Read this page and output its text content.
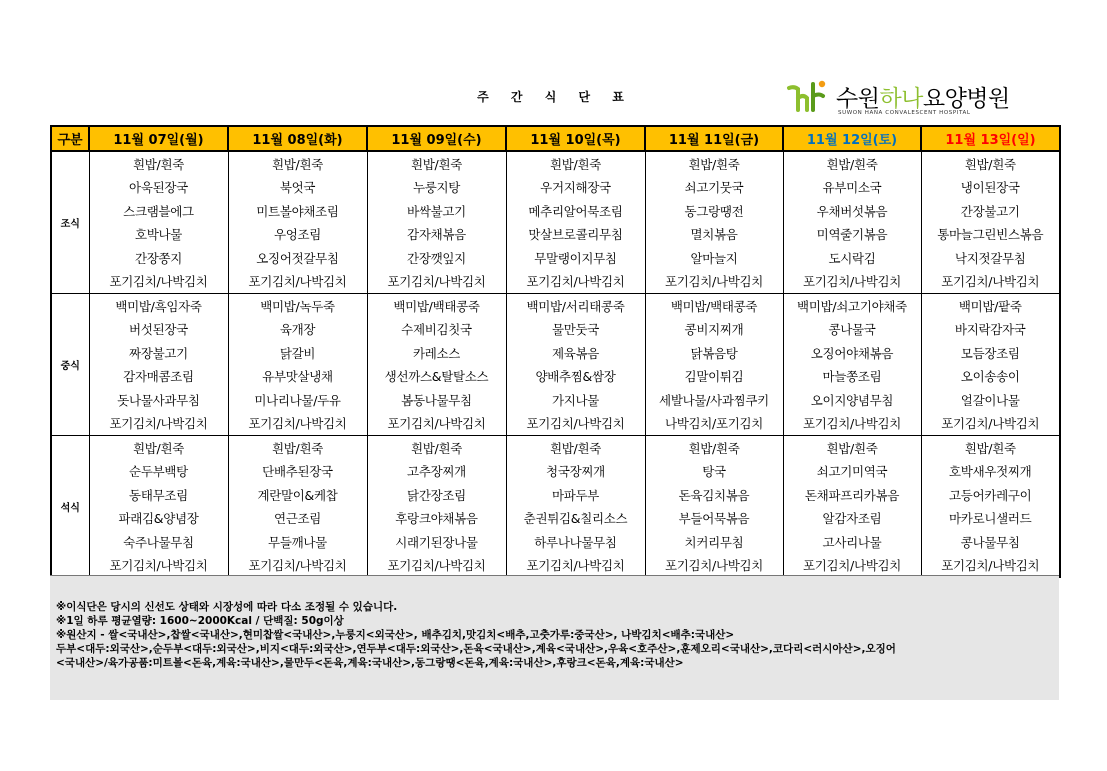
주 간 식 단 표	수원하나요양병원
SUWON HANA CONVALESCENT HOSPITAL
구분	11월 07일(월)	11월 08일(화)	11월 09일(수)	11월 10일(목)	11월 11일(금)	11월 12일(토)	11월 13일(일)
조식	흰밥/흰죽	흰밥/흰죽	흰밥/흰죽	흰밥/흰죽	흰밥/흰죽	흰밥/흰죽	흰밥/흰죽
	아욱된장국	북엇국	누룽지탕	우거지해장국	쇠고기뭇국	유부미소국	냉이된장국
	스크램블에그	미트볼야채조림	바싹불고기	메추리알어묵조림	동그랑땡전	우채버섯볶음	간장불고기
	호박나물	우엉조림	감자채볶음	맛살브로콜리무침	멸치볶음	미역줄기볶음	통마늘그린빈스볶음
	간장쫑지	오징어젓갈무침	간장깻잎지	무말랭이지무침	알마늘지	도시락김	낙지젓갈무침
	포기김치/나박김치	포기김치/나박김치	포기김치/나박김치	포기김치/나박김치	포기김치/나박김치	포기김치/나박김치	포기김치/나박김치
중식	백미밥/흑임자죽	백미밥/녹두죽	백미밥/백태콩죽	백미밥/서리태콩죽	백미밥/백태콩죽	백미밥/쇠고기야채죽	백미밥/팥죽
	버섯된장국	육개장	수제비김칫국	물만둣국	콩비지찌개	콩나물국	바지락감자국
	짜장불고기	닭갈비	카레소스	제육볶음	닭볶음탕	오징어야채볶음	모듬장조림
	감자매콤조림	유부맛살냉채	생선까스&탈탈소스	양배추찜&쌈장	김말이튀김	마늘쫑조림	오이송송이
	돗나물사과무침	미나리나물/두유	봄동나물무침	가지나물	세발나물/사과찜쿠키	오이지양념무침	얼갈이나물
	포기김치/나박김치	포기김치/나박김치	포기김치/나박김치	포기김치/나박김치	나박김치/포기김치	포기김치/나박김치	포기김치/나박김치
석식	흰밥/흰죽	흰밥/흰죽	흰밥/흰죽	흰밥/흰죽	흰밥/흰죽	흰밥/흰죽	흰밥/흰죽
	순두부백탕	단배추된장국	고추장찌개	청국장찌개	탕국	쇠고기미역국	호박새우젓찌개
	동태무조림	계란말이&케찹	닭간장조림	마파두부	돈육김치볶음	돈채파프리카볶음	고등어카레구이
	파래김&양념장	연근조림	후랑크야채볶음	춘권튀김&칠리소스	부들어묵볶음	알감자조림	마카로니샐러드
	숙주나물무침	무들깨나물	시래기된장나물	하루나나물무침	치커리무침	고사리나물	콩나물무침
	포기김치/나박김치	포기김치/나박김치	포기김치/나박김치	포기김치/나박김치	포기김치/나박김치	포기김치/나박김치	포기김치/나박김치
※이식단은 당시의 신선도 상태와 시장성에 따라 다소 조정될 수 있습니다.
※1일 하루 평균열량: 1600~2000Kcal / 단백질: 50g이상
※원산지 - 쌀<국내산>,찹쌀<국내산>,현미찹쌀<국내산>,누룽지<외국산>, 배추김치,맛김치<배추,고춧가루:중국산>, 나박김치<배추:국내산>
두부<대두:외국산>,순두부<대두:외국산>,비지<대두:외국산>,연두부<대두:외국산>,돈육<국내산>,계육<국내산>,우육<호주산>,훈제오리<국내산>,코다리<러시아산>,오징어
<국내산>/육가공품:미트볼<돈육,계육:국내산>,물만두<돈육,계육:국내산>,동그랑땡<돈육,계육:국내산>,후랑크<돈육,계육:국내산>
